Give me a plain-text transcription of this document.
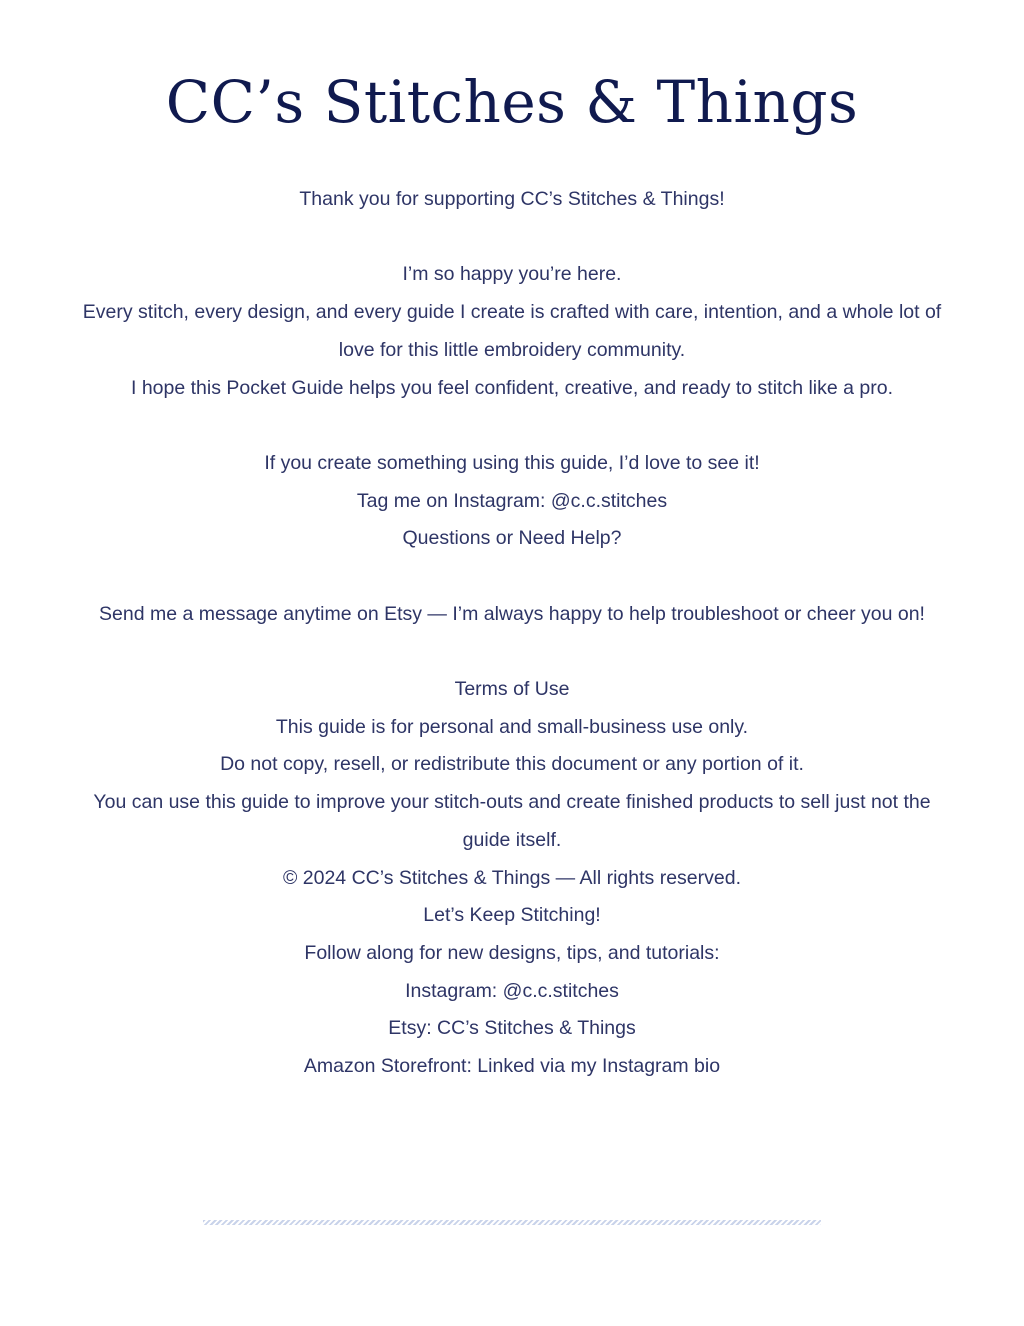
CC’s Stitches & Things
Thank you for supporting CC’s Stitches & Things!
I’m so happy you’re here.
Every stitch, every design, and every guide I create is crafted with care, intention, and a whole lot of love for this little embroidery community.
I hope this Pocket Guide helps you feel confident, creative, and ready to stitch like a pro.
If you create something using this guide, I’d love to see it!
Tag me on Instagram: @c.c.stitches
Questions or Need Help?
Send me a message anytime on Etsy — I’m always happy to help troubleshoot or cheer you on!
Terms of Use
This guide is for personal and small-business use only.
Do not copy, resell, or redistribute this document or any portion of it.
You can use this guide to improve your stitch-outs and create finished products to sell just not the guide itself.
© 2024 CC’s Stitches & Things — All rights reserved.
Let’s Keep Stitching!
Follow along for new designs, tips, and tutorials:
Instagram: @c.c.stitches
Etsy: CC’s Stitches & Things
Amazon Storefront: Linked via my Instagram bio
